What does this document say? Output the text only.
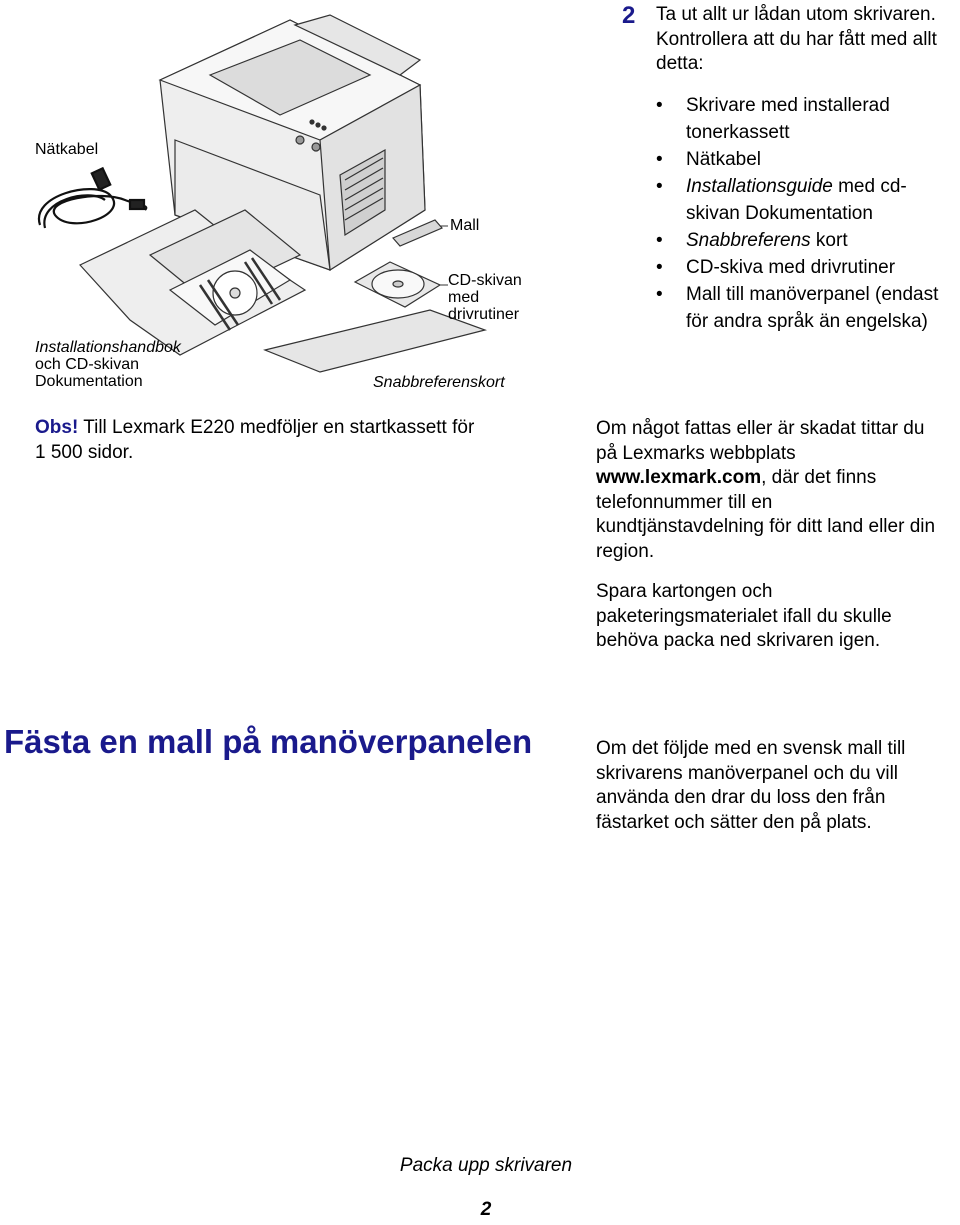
Nätkabel
Installationshandbok
och CD-skivan
Dokumentation
Mall
CD-skivan
med
drivrutiner
Snabbreferenskort
2 Ta ut allt ur lådan utom skrivaren.
Kontrollera att du har fått med allt
detta:
• Skrivare med installerad
tonerkassett
• Nätkabel
• Installationsguide med cd-
skivan Dokumentation
• Snabbreferens kort
• CD-skiva med drivrutiner
• Mall till manöverpanel (endast
för andra språk än engelska)
Obs! Till Lexmark E220 medföljer en startkassett för
1 500 sidor.
Om något fattas eller är skadat tittar du
på Lexmarks webbplats
www.lexmark.com, där det finns
telefonnummer till en
kundtjänstavdelning för ditt land eller din
region.
Spara kartongen och
paketeringsmaterialet ifall du skulle
behöva packa ned skrivaren igen.
Fästa en mall på manöverpanelen	Om det följde med en svensk mall till
skrivarens manöverpanel och du vill
använda den drar du loss den från
fästarket och sätter den på plats.
Packa upp skrivaren
2
